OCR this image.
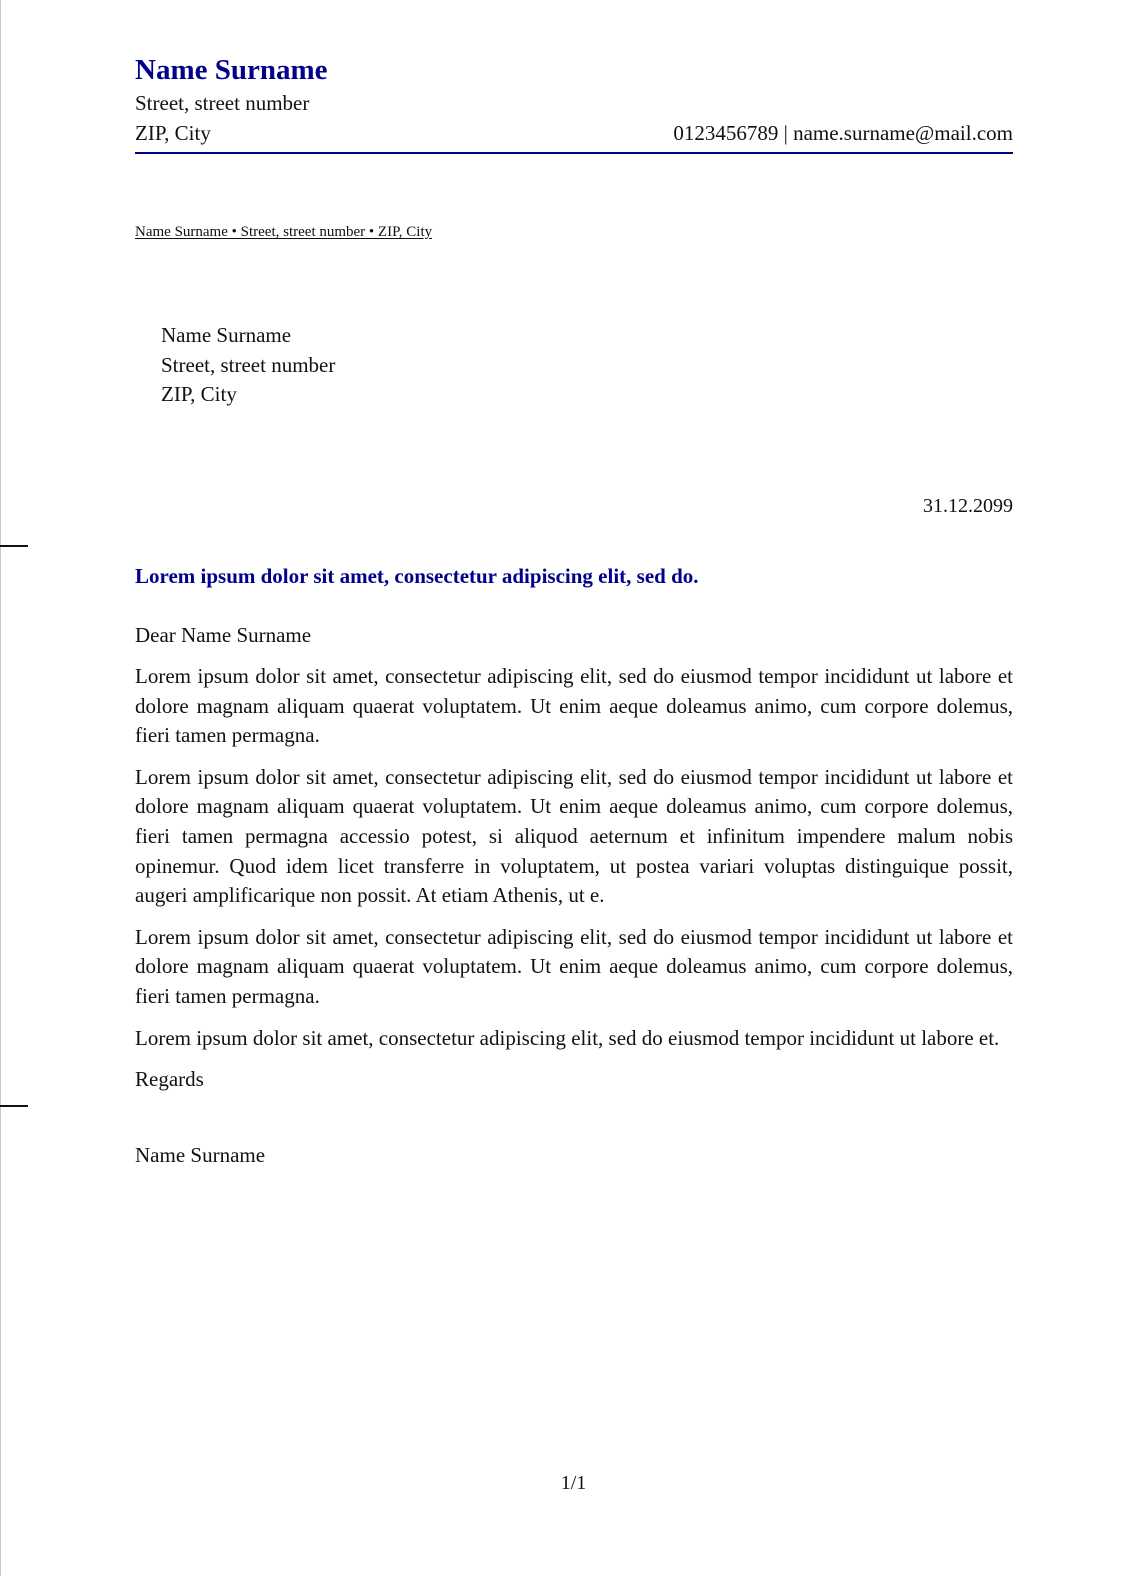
Name Surname
Street, street number
ZIP, City	0123456789 | name.surname@mail.com
Name Surname • Street, street number • ZIP, City
Name Surname
Street, street number
ZIP, City
31.12.2099
Lorem ipsum dolor sit amet, consectetur adipiscing elit, sed do.
Dear Name Surname
Lorem ipsum dolor sit amet, consectetur adipiscing elit, sed do eiusmod tempor incididunt ut labore et dolore magnam aliquam quaerat voluptatem. Ut enim aeque doleamus animo, cum corpore dolemus, fieri tamen permagna.
Lorem ipsum dolor sit amet, consectetur adipiscing elit, sed do eiusmod tempor incididunt ut labore et dolore magnam aliquam quaerat voluptatem. Ut enim aeque doleamus animo, cum corpore dolemus, fieri tamen permagna accessio potest, si aliquod aeternum et infinitum impendere malum nobis opinemur. Quod idem licet transferre in voluptatem, ut postea variari voluptas distinguique possit, augeri amplificarique non possit. At etiam Athenis, ut e.
Lorem ipsum dolor sit amet, consectetur adipiscing elit, sed do eiusmod tempor incididunt ut labore et dolore magnam aliquam quaerat voluptatem. Ut enim aeque doleamus animo, cum corpore dolemus, fieri tamen permagna.
Lorem ipsum dolor sit amet, consectetur adipiscing elit, sed do eiusmod tempor incididunt ut labore et.
Regards
Name Surname
1/1
